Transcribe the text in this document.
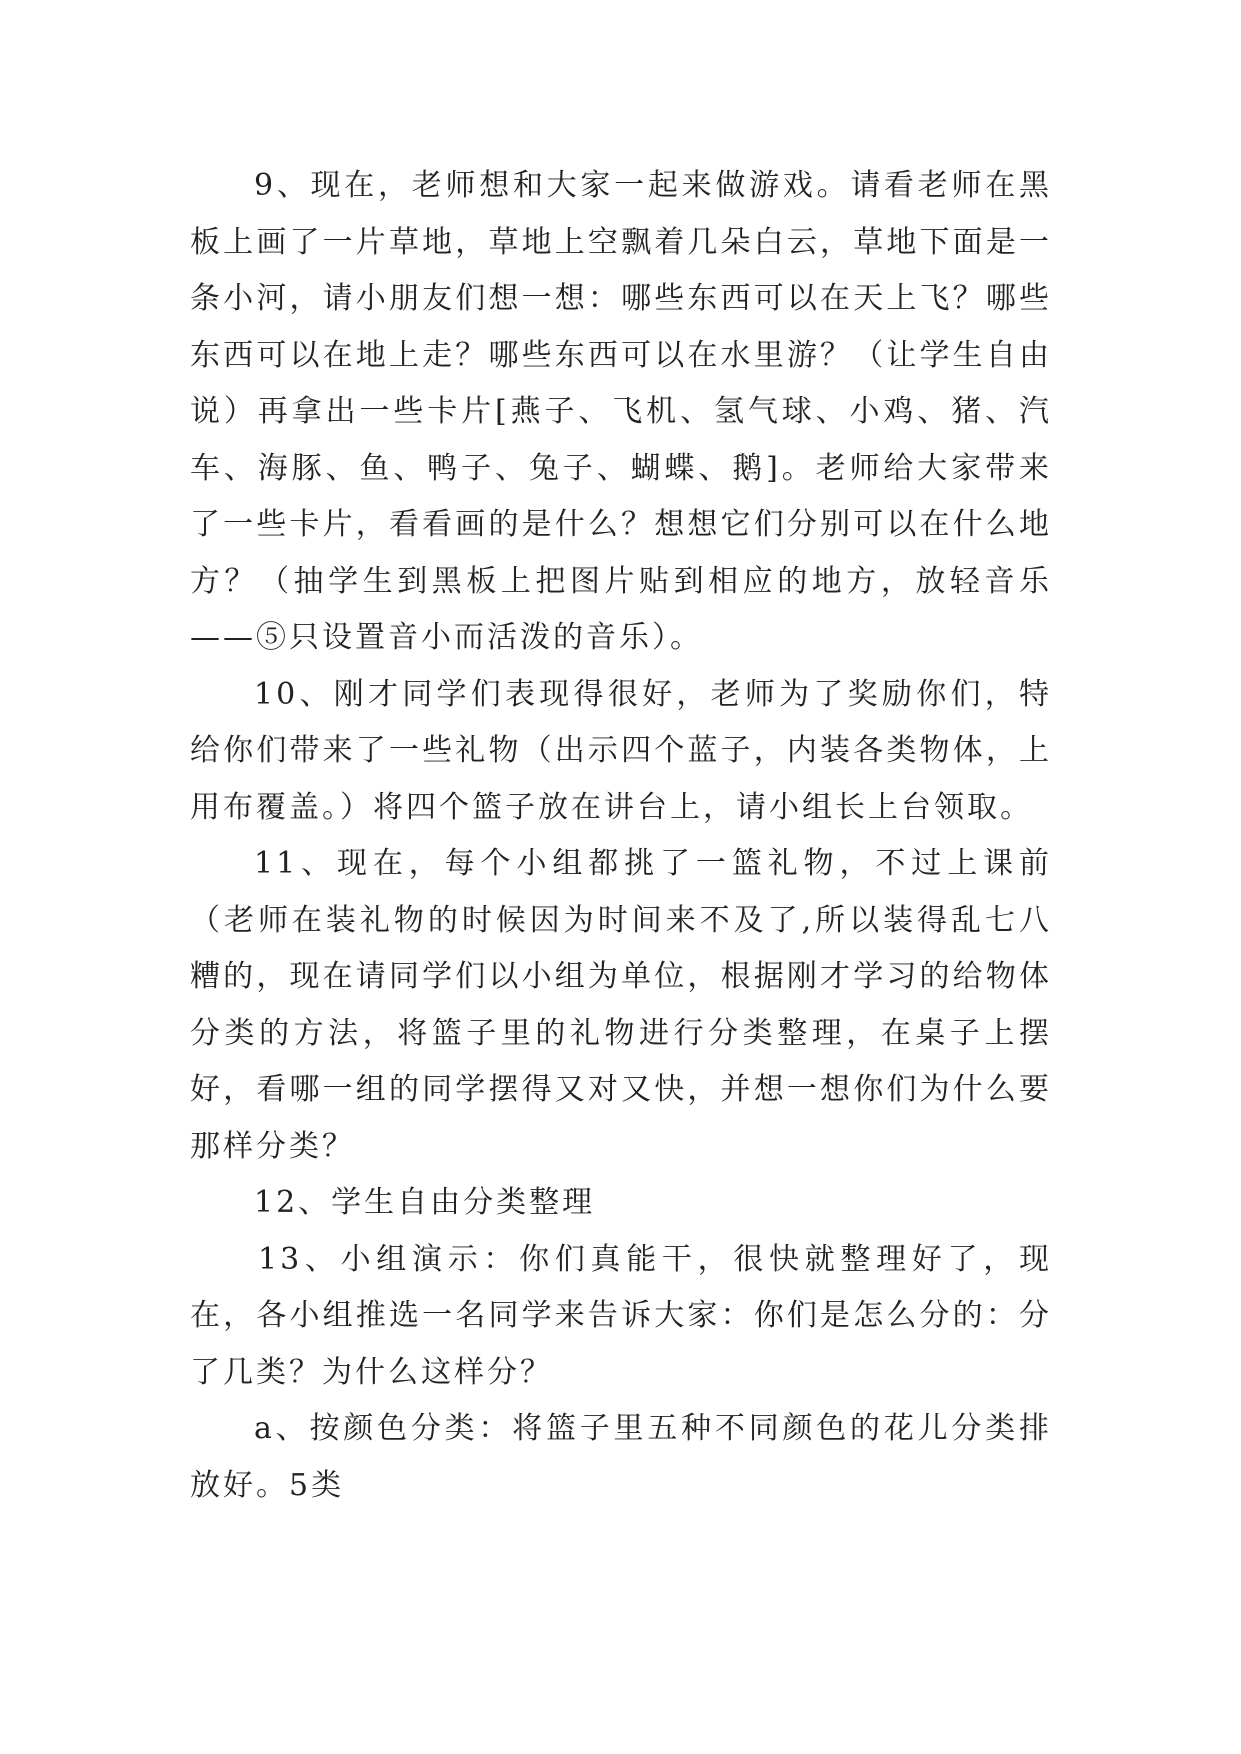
9、现在，老师想和大家一起来做游戏。请看老师在黑板上画了一片草地，草地上空飘着几朵白云，草地下面是一条小河，请小朋友们想一想：哪些东西可以在天上飞？哪些东西可以在地上走？哪些东西可以在水里游？（让学生自由说）再拿出一些卡片[燕子、飞机、氢气球、小鸡、猪、汽车、海豚、鱼、鸭子、兔子、蝴蝶、鹅]。老师给大家带来了一些卡片，看看画的是什么？想想它们分别可以在什么地方？（抽学生到黑板上把图片贴到相应的地方，放轻音乐——⑤只设置音小而活泼的音乐）。

10、刚才同学们表现得很好，老师为了奖励你们，特给你们带来了一些礼物（出示四个蓝子，内装各类物体，上用布覆盖。）将四个篮子放在讲台上，请小组长上台领取。

11、现在，每个小组都挑了一篮礼物，不过上课前（老师在装礼物的时候因为时间来不及了,所以装得乱七八糟的，现在请同学们以小组为单位，根据刚才学习的给物体分类的方法，将篮子里的礼物进行分类整理，在桌子上摆好，看哪一组的同学摆得又对又快，并想一想你们为什么要那样分类？

12、学生自由分类整理

13、小组演示：你们真能干，很快就整理好了，现在，各小组推选一名同学来告诉大家：你们是怎么分的：分了几类？为什么这样分？

a、按颜色分类：将篮子里五种不同颜色的花儿分类排放好。5类
